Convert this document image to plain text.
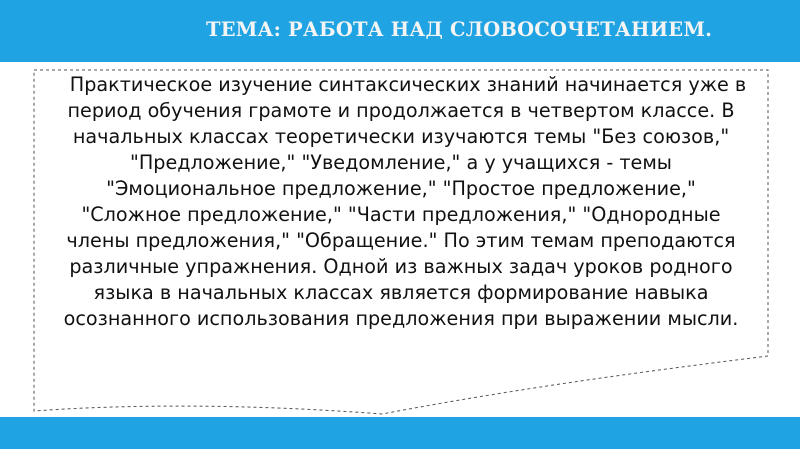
ТЕМА: РАБОТА НАД СЛОВОСОЧЕТАНИЕМ.
Практическое изучение синтаксических знаний начинается уже в
период обучения грамоте и продолжается в четвертом классе. В
начальных классах теоретически изучаются темы "Без союзов,"
"Предложение," "Уведомление," а у учащихся - темы
"Эмоциональное предложение," "Простое предложение,"
"Сложное предложение," "Части предложения," "Однородные
члены предложения," "Обращение." По этим темам преподаются
различные упражнения. Одной из важных задач уроков родного
языка в начальных классах является формирование навыка
осознанного использования предложения при выражении мысли.
